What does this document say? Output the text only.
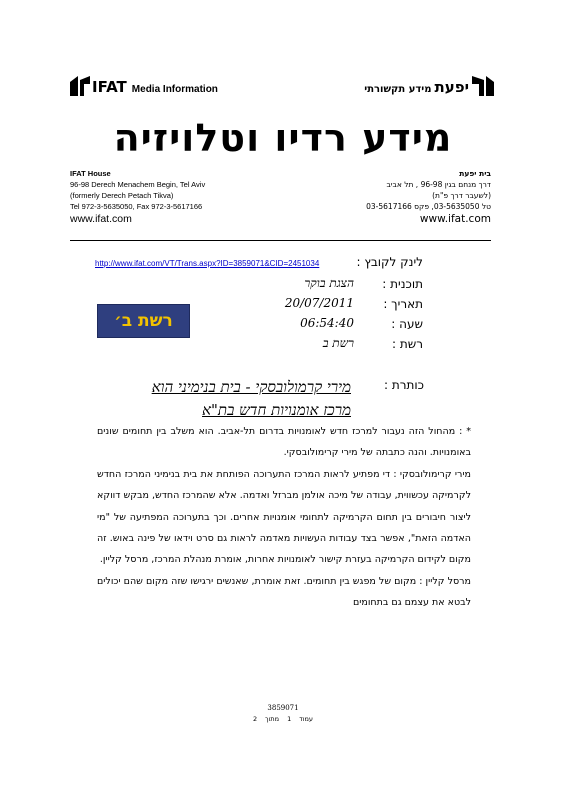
IFAT Media Information	יפעת
מידע תקשורתי
מידע רדיו וטלויזיה
IFAT House
96-98 Derech Menachem Begin, Tel Aviv
(formerly Derech Petach Tikva)
Tel 972-3-5635050, Fax 972-3-5617166
www.ifat.com
בית יפעת
דרך מנחם בגין 96-98 , תל אביב
(לשעבר דרך פ"ת)
טל 03-5635050, פקס 03-5617166
www.ifat.com
לינק לקובץ :
http://www.ifat.com/VT/Trans.aspx?ID=3859071&CID=2451034
תוכנית :
הצגת בוקר
תאריך :
20/07/2011
שעה :
06:54:40
רשת :
רשת ב
רשת ב׳
כותרת :
מירי קרמולובסקי - בית בנימיני הוא
מרכז אומנויות חדש בת"א

* : מהחול הזה נעבור למרכז חדש לאומנויות בדרום תל-אביב. הוא משלב בין תחומים שונים באומנויות. והנה כתבתה של מירי קרימולובסקי.

מירי קרימולובסקי : די מפתיע לראות המרכז התערוכה הפותחת את בית בנימיני המרכז החדש לקרמיקה עכשווית, עבודה של מיכה אולמן מברזל ואדמה. אלא שהמרכז החדש, מבקש דווקא ליצור חיבורים בין תחום הקרמיקה לתחומי אומנויות אחרים. וכך בתערוכה המפתיעה של "מי האדמה הזאת", אפשר בצד עבודות העשויות מאדמה לראות גם סרט וידאו של פינה באוש. זה מקום לקידום הקרמיקה בעזרת קישור לאומנויות אחרות, אומרת מנהלת המרכז, מרסל קליין.

מרסל קליין : מקום של מפגש בין תחומים. זאת אומרת, שאנשים ירגישו שזה מקום שהם יכולים לבטא את עצמם גם בתחומים

3859071
עמוד1מתוך2
